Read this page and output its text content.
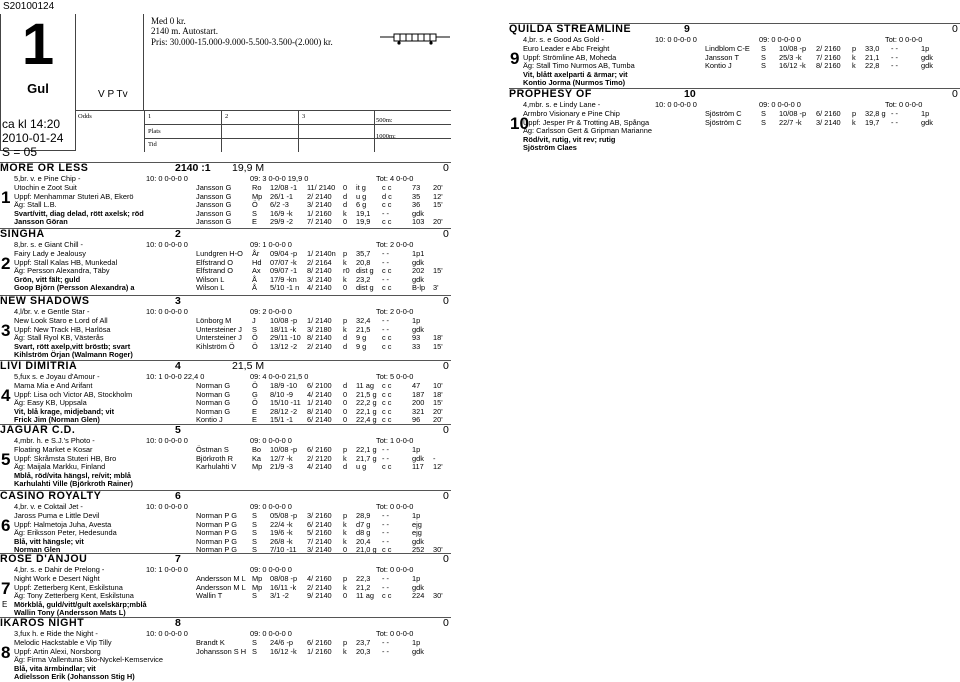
S20100124
1
Gul
ca kl 14:20
2010-01-24
S = 05
V P Tv
Med 0 kr.
2140 m. Autostart.
Pris: 30.000-15.000-9.000-5.500-3.500-(2.000) kr.
Odds	1	2	3
500m:
Plats
1000m:
Tid
MORE OR LESS	2140 :1 19,9 M	0
1
5,br. v. e Pine Chip -	10: 0 0-0-0 0	09: 3 0-0-0 19,9 0	Tot: 4 0-0-0
Utochin e Zoot Suit
Uppf: Menhammar Stuteri AB, Ekerö
Äg: Stall L.B.
Svart/vitt, diag delad, rött axelsk; röd
Jansson Göran
Jansson G	Ro 12/08 -1 11/ 2140 0 it g c c	73 20'
Jansson G	Mp 26/1 -1 2/ 2140 d u g d c	35 12'
Jansson G	Ö 6/2 -3 3/ 2140 d 6 g c c	36 15'
Jansson G	S 16/9 -k 1/ 2160 k 19,1 - -	gdk
Jansson G	E 29/9 -2 7/ 2140 0 19,9 c c	103 20'
SINGHA	2	0
2
8,br. s. e Giant Chill -	10: 0 0-0-0 0	09: 1 0-0-0 0	Tot: 2 0-0-0
Fairy Lady e Jealousy
Uppf: Stall Kalas HB, Munkedal
Äg: Persson Alexandra, Täby
Grön, vitt fält; guld
Goop Björn (Persson Alexandra) a
Lundgren H-O År 09/04 -p 1/ 2140n p 35,7 - -	1p1
Elfstrand O	Hd 07/07 -k 2/ 2164 k 20,8 - -	gdk
Elfstrand O	Ax 09/07 -1 8/ 2140 r0 dist g c c	202 15'
Wilson L	Å 17/9 -kn 3/ 2140 k 23,2 - -	gdk
Wilson L	Å 5/10 -1 n 4/ 2140 0 dist g c c	B-lp 3'
NEW SHADOWS	3	0
3
4,l/br. v. e Gentle Star -	10: 0 0-0-0 0	09: 2 0-0-0 0	Tot: 2 0-0-0
New Look Staro e Lord of All
Uppf: New Track HB, Harlösa
Äg: Stall Ryol KB, Västerås
Svart, rött axelp,vitt bröstb; svart
Kihlström Örjan (Walmann Roger)
Lönborg M	J 10/08 -p 1/ 2140 p 32,4 - -	1p
Untersteiner J S 18/11 -k 3/ 2180 k 21,5 - -	gdk
Untersteiner J Ö 29/11 -10 8/ 2140 d 9 g c c	93 18'
Kihlström Ö Ö 13/12 -2 2/ 2140 d 9 g c c	33 15'
LIVI DIMITRIA	4	21,5 M	0
4
5,fux s. e Joyau d'Amour -	10: 1 0-0-0 22,4 0	09: 4 0-0-0 21,5 0	Tot: 5 0-0-0
Mama Mia e And Arifant
Uppf: Lisa och Victor AB, Stockholm
Äg: Easy KB, Uppsala
Vit, blå krage, midjeband; vit
Frick Jim (Norman Glen)
Norman G	Ö 18/9 -10 6/ 2100 d 11 ag c c	47 10'
Norman G	G 8/10 -9 4/ 2140 0 21,5 g c c	187 18'
Norman G	Ö 15/10 -11 1/ 2140 0 22,2 g c c	200 15'
Norman G	E 28/12 -2 8/ 2140 0 22,1 g c c	321 20'
Kontio J	E 15/1 -1 6/ 2140 0 22,4 g c c	96 20'
JAGUAR C.D.	5	0
5
4,mbr. h. e S.J.'s Photo -	10: 0 0-0-0 0	09: 0 0-0-0 0	Tot: 1 0-0-0
Floating Market e Kosar
Uppf: Skråmsta Stuteri HB, Bro
Äg: Maijala Markku, Finland
Mblå, röd/vita hängsl, re/vit; mblå
Karhulahti Ville (Björkroth Rainer)
Östman S	Bo 10/08 -p 6/ 2160 p 22,1 g - -	1p
Björkroth R	Ka 12/7 -k 2/ 2120 k 21,7 g - -	gdk -
Karhulahti V Mp 21/9 -3 4/ 2140 d u g c c	117 12'
CASINO ROYALTY	6	0
6
4,br. v. e Coktail Jet -	10: 0 0-0-0 0	09: 0 0-0-0 0	Tot: 0 0-0-0
Jaross Puma e Little Devil
Uppf: Halmetoja Juha, Avesta
Äg: Eriksson Peter, Hedesunda
Blå, vitt hängsle; vit
Norman Glen
Norman P G S 05/08 -p 3/ 2160 p 28,9 - -	1p
Norman P G S 22/4 -k 6/ 2140 k d7 g - -	ejg
Norman P G S 19/6 -k 5/ 2160 k d8 g - -	ejg
Norman P G S 26/8 -k 7/ 2140 k 20,4 - -	gdk
Norman P G S 7/10 -11 3/ 2140 0 21,0 g c c	252 30'
ROSE D'ANJOU	7	0
7
4,br. s. e Dahir de Prelong -	10: 1 0-0-0 0	09: 0 0-0-0 0	Tot: 0 0-0-0
Night Work e Desert Night
Uppf: Zetterberg Kent, Eskilstuna
Äg: Tony Zetterberg Kent, Eskilstuna
Mörkblå, guld/vitt/gult axelskärp;mblå
Wallin Tony (Andersson Mats L)
Andersson M L Mp 08/08 -p 4/ 2160 p 22,3 - -	1p
Andersson M L Mp 16/11 -k 2/ 2140 k 21,2 - -	gdk
Wallin T	S 3/1 -2 9/ 2140 0 11 ag c c	224 30'
IKAROS NIGHT	8	0
8
3,fux h. e Ride the Night -	10: 0 0-0-0 0	09: 0 0-0-0 0	Tot: 0 0-0-0
Melodic Hackstable e Vip Tilly
Uppf: Artin Alexi, Norsborg
Äg: Firma Vallentuna Sko-Nyckel-Kemservice
Blå, vita ärmbindlar; vit
Adielsson Erik (Johansson Stig H)
Brandt K	S 24/6 -p 6/ 2160 p 23,7 - -	1p
Johansson S H S 16/12 -k 1/ 2160 k 20,3 - -	gdk
QUILDA STREAMLINE	9	0
9
4,br. s. e Good As Gold -	10: 0 0-0-0 0	09: 0 0-0-0 0	Tot: 0 0-0-0
Euro Leader e Abc Freight
Uppf: Strömline AB, Moheda
Äg: Stall Timo Nurmos AB, Tumba
Vit, blått axelparti & ärmar; vit
Kontio Jorma (Nurmos Timo)
Lindblom C-E S 10/08 -p 2/ 2160 p 33,0 - -	1p
Jansson T	S 25/3 -k 7/ 2160 k 21,1 - -	gdk
Kontio J	S 16/12 -k 8/ 2160 k 22,8 - -	gdk
PROPHESY OF	10	0
10
4,mbr. s. e Lindy Lane -	10: 0 0-0-0 0	09: 0 0-0-0 0	Tot: 0 0-0-0
Armbro Visionary e Pine Chip
Uppf: Jesper Pr & Trotting AB, Spånga
Äg: Carlsson Gert & Gripman Marianne
Röd/vit, rutig, vit rev; rutig
Sjöström Claes
Sjöström C	S 10/08 -p 6/ 2160 p 32,8 g - -	1p
Sjöström C	S 22/7 -k 3/ 2140 k 19,7 - -	gdk
E
